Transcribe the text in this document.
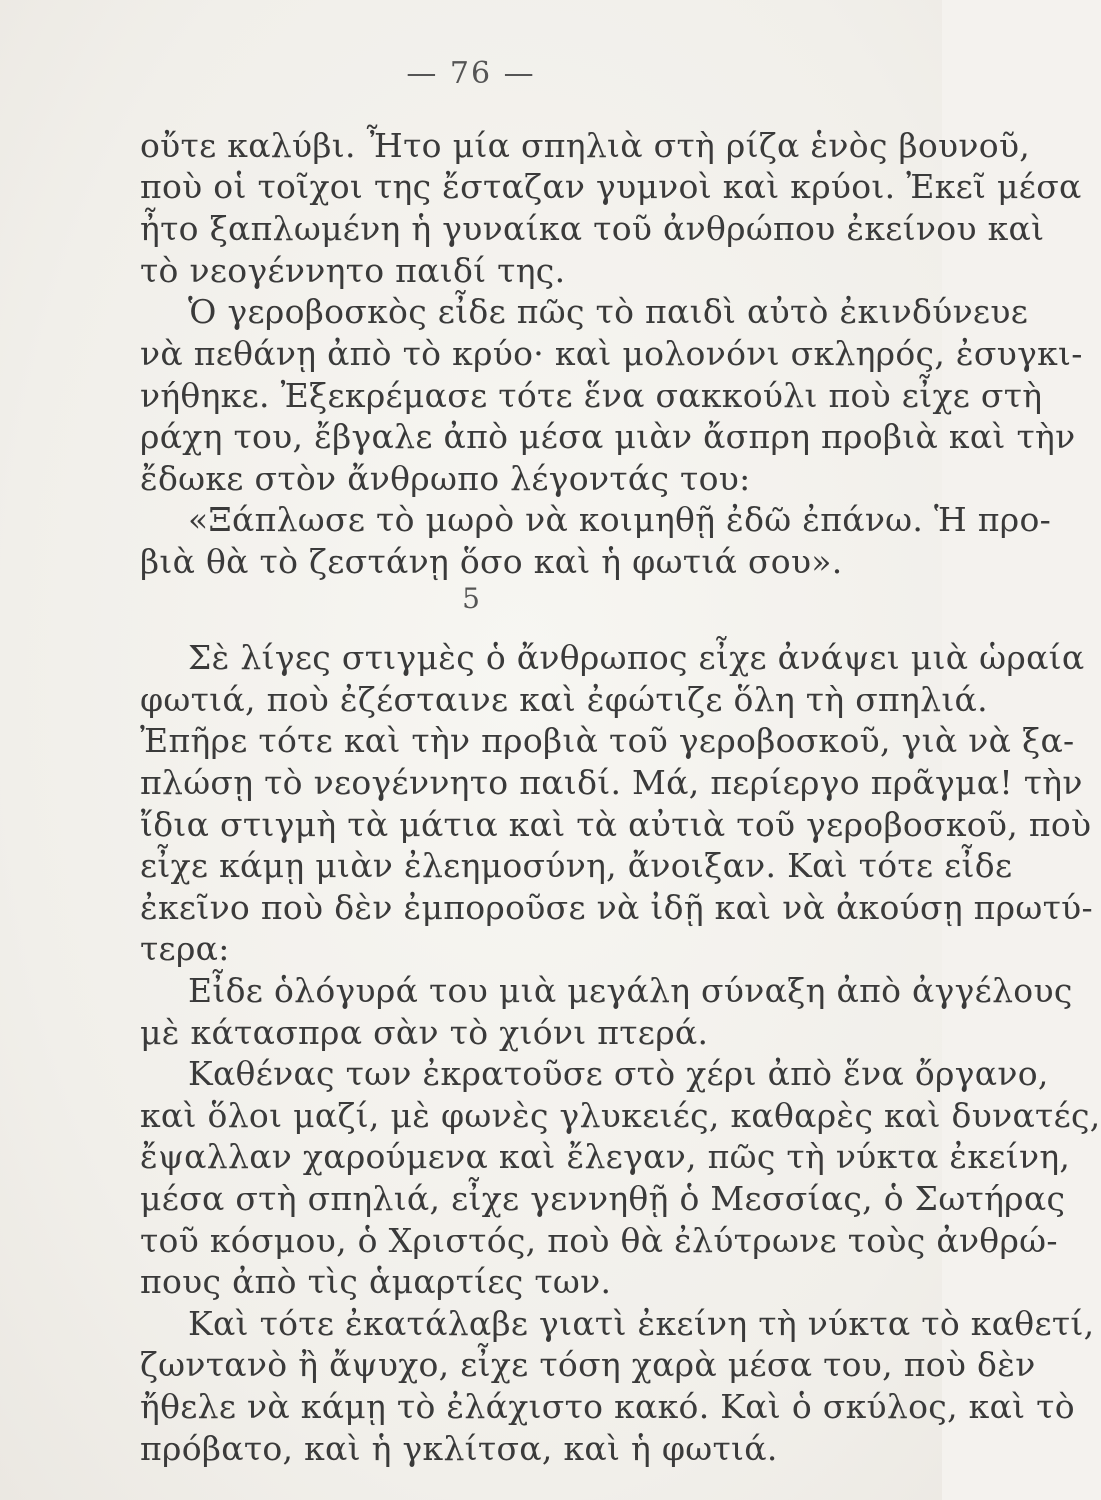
— 76 —
οὔτε καλύβι. Ἦτο μία σπηλιὰ στὴ ρίζα ἑνὸς βουνοῦ,
ποὺ οἱ τοῖχοι της ἔσταζαν γυμνοὶ καὶ κρύοι. Ἐκεῖ μέσα
ἦτο ξαπλωμένη ἡ γυναίκα τοῦ ἀνθρώπου ἐκείνου καὶ
τὸ νεογέννητο παιδί της.
Ὁ γεροβοσκὸς εἶδε πῶς τὸ παιδὶ αὐτὸ ἐκινδύνευε
νὰ πεθάνῃ ἀπὸ τὸ κρύο· καὶ μολονόνι σκληρός, ἐσυγκι-
νήθηκε. Ἐξεκρέμασε τότε ἕνα σακκούλι ποὺ εἶχε στὴ
ράχη του, ἔβγαλε ἀπὸ μέσα μιὰν ἄσπρη προβιὰ καὶ τὴν
ἔδωκε στὸν ἄνθρωπο λέγοντάς του:
«Ξάπλωσε τὸ μωρὸ νὰ κοιμηθῇ ἐδῶ ἐπάνω. Ἡ προ-
βιὰ θὰ τὸ ζεστάνῃ ὅσο καὶ ἡ φωτιά σου».
5
Σὲ λίγες στιγμὲς ὁ ἄνθρωπος εἶχε ἀνάψει μιὰ ὡραία
φωτιά, ποὺ ἐζέσταινε καὶ ἐφώτιζε ὅλη τὴ σπηλιά.
Ἐπῆρε τότε καὶ τὴν προβιὰ τοῦ γεροβοσκοῦ, γιὰ νὰ ξα-
πλώσῃ τὸ νεογέννητο παιδί. Μά, περίεργο πρᾶγμα! τὴν
ἴδια στιγμὴ τὰ μάτια καὶ τὰ αὐτιὰ τοῦ γεροβοσκοῦ, ποὺ
εἶχε κάμῃ μιὰν ἐλεημοσύνη, ἄνοιξαν. Καὶ τότε εἶδε
ἐκεῖνο ποὺ δὲν ἐμποροῦσε νὰ ἰδῇ καὶ νὰ ἀκούσῃ πρωτύ-
τερα:
Εἶδε ὁλόγυρά του μιὰ μεγάλη σύναξη ἀπὸ ἀγγέλους
μὲ κάτασπρα σὰν τὸ χιόνι πτερά.
Καθένας των ἐκρατοῦσε στὸ χέρι ἀπὸ ἕνα ὄργανο,
καὶ ὅλοι μαζί, μὲ φωνὲς γλυκειές, καθαρὲς καὶ δυνατές,
ἔψαλλαν χαρούμενα καὶ ἔλεγαν, πῶς τὴ νύκτα ἐκείνη,
μέσα στὴ σπηλιά, εἶχε γεννηθῇ ὁ Μεσσίας, ὁ Σωτήρας
τοῦ κόσμου, ὁ Χριστός, ποὺ θὰ ἐλύτρωνε τοὺς ἀνθρώ-
πους ἀπὸ τὶς ἁμαρτίες των.
Καὶ τότε ἐκατάλαβε γιατὶ ἐκείνη τὴ νύκτα τὸ καθετί,
ζωντανὸ ἢ ἄψυχο, εἶχε τόση χαρὰ μέσα του, ποὺ δὲν
ἤθελε νὰ κάμῃ τὸ ἐλάχιστο κακό. Καὶ ὁ σκύλος, καὶ τὸ
πρόβατο, καὶ ἡ γκλίτσα, καὶ ἡ φωτιά.
